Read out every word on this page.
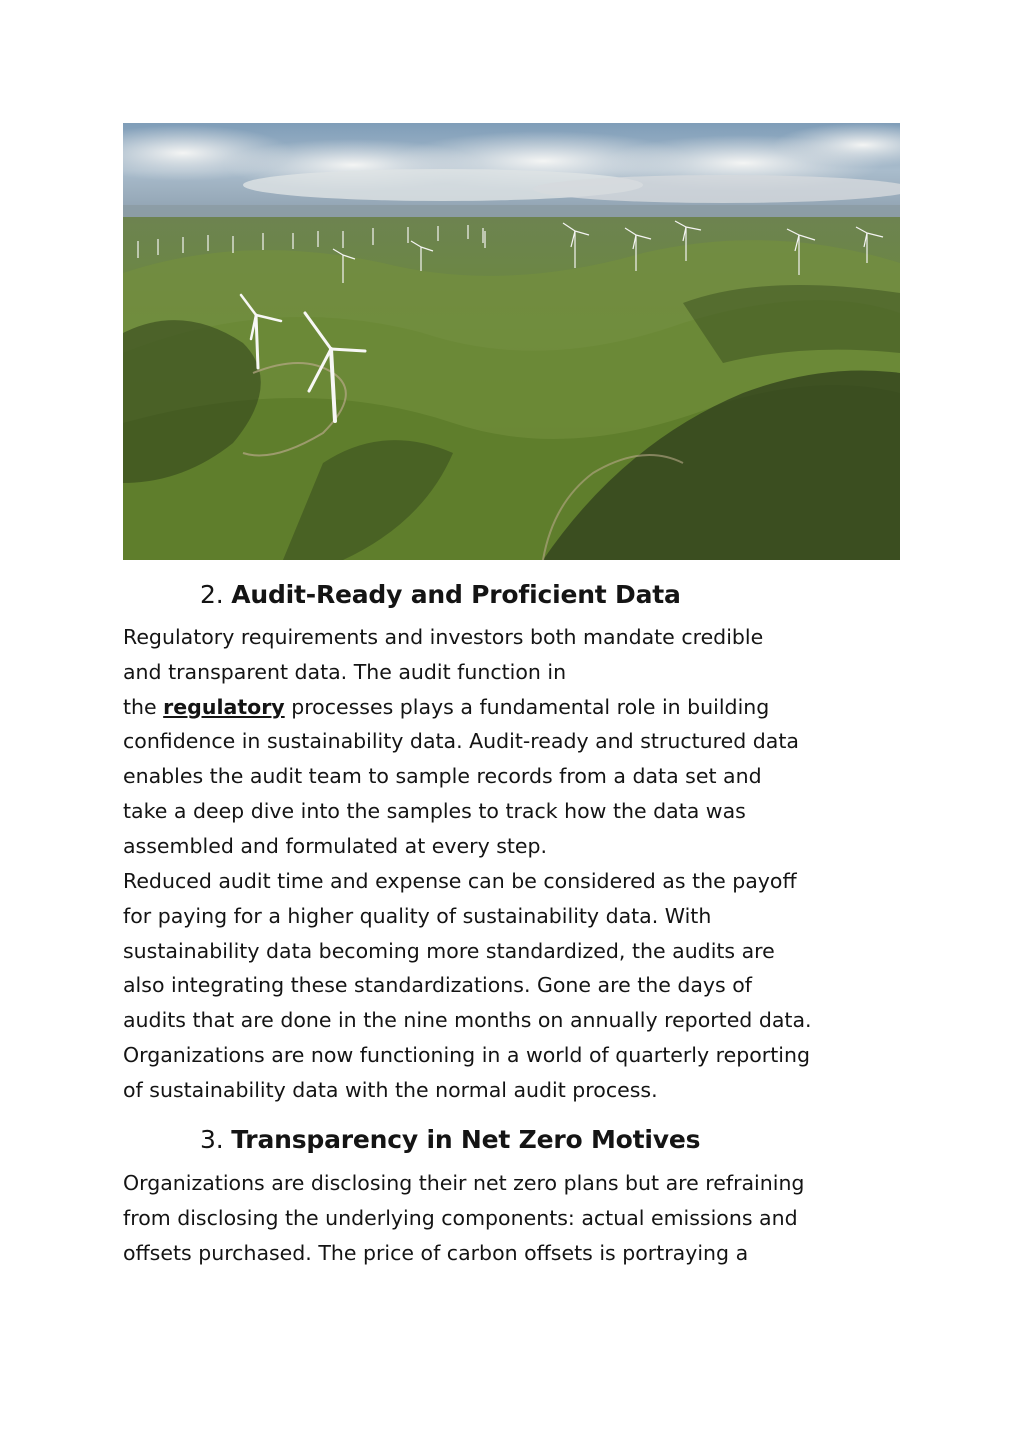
2. Audit-Ready and Proficient Data
Regulatory requirements and investors both mandate credible
and transparent data. The audit function in
the regulatory processes plays a fundamental role in building
confidence in sustainability data. Audit-ready and structured data
enables the audit team to sample records from a data set and
take a deep dive into the samples to track how the data was
assembled and formulated at every step.
Reduced audit time and expense can be considered as the payoff
for paying for a higher quality of sustainability data. With
sustainability data becoming more standardized, the audits are
also integrating these standardizations. Gone are the days of
audits that are done in the nine months on annually reported data.
Organizations are now functioning in a world of quarterly reporting
of sustainability data with the normal audit process.
3. Transparency in Net Zero Motives
Organizations are disclosing their net zero plans but are refraining
from disclosing the underlying components: actual emissions and
offsets purchased. The price of carbon offsets is portraying a
